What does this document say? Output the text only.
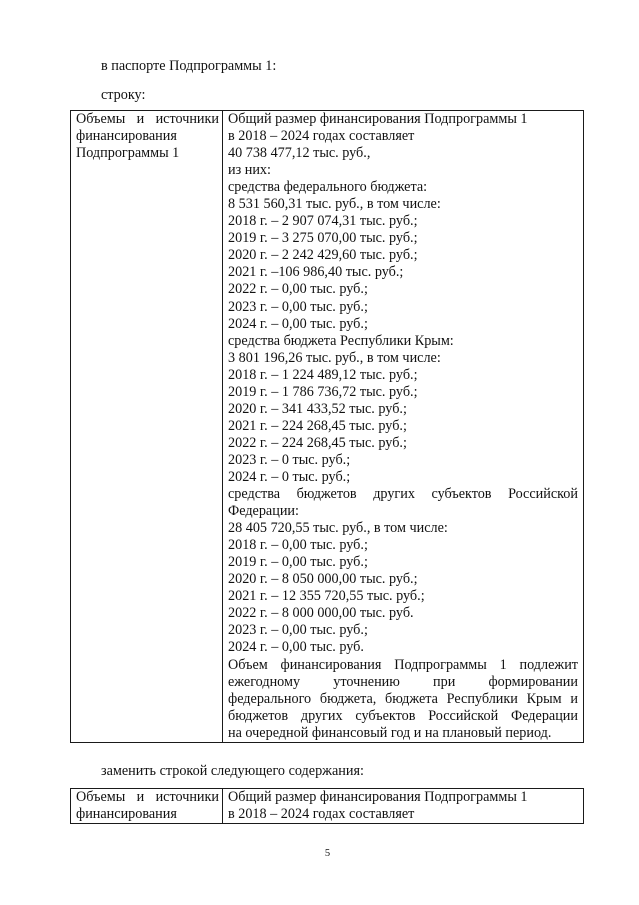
в паспорте Подпрограммы 1:
строку:
Объемы и источники
финансирования
Подпрограммы 1

Общий размер финансирования Подпрограммы 1
в 2018 – 2024 годах составляет
40 738 477,12 тыс. руб.,
из них:
средства федерального бюджета:
8 531 560,31 тыс. руб., в том числе:
2018 г. – 2 907 074,31 тыс. руб.;
2019 г. – 3 275 070,00 тыс. руб.;
2020 г. – 2 242 429,60 тыс. руб.;
2021 г. –106 986,40 тыс. руб.;
2022 г. – 0,00 тыс. руб.;
2023 г. – 0,00 тыс. руб.;
2024 г. – 0,00 тыс. руб.;
средства бюджета Республики Крым:
3 801 196,26 тыс. руб., в том числе:
2018 г. – 1 224 489,12 тыс. руб.;
2019 г. – 1 786 736,72 тыс. руб.;
2020 г. – 341 433,52 тыс. руб.;
2021 г. – 224 268,45 тыс. руб.;
2022 г. – 224 268,45 тыс. руб.;
2023 г. – 0 тыс. руб.;
2024 г. – 0 тыс. руб.;
средства бюджетов других субъектов Российской
Федерации:
28 405 720,55 тыс. руб., в том числе:
2018 г. – 0,00 тыс. руб.;
2019 г. – 0,00 тыс. руб.;
2020 г. – 8 050 000,00 тыс. руб.;
2021 г. – 12 355 720,55 тыс. руб.;
2022 г. – 8 000 000,00 тыс. руб.
2023 г. – 0,00 тыс. руб.;
2024 г. – 0,00 тыс. руб.
Объем финансирования Подпрограммы 1 подлежит
ежегодному уточнению при формировании
федерального бюджета, бюджета Республики Крым и
бюджетов других субъектов Российской Федерации
на очередной финансовый год и на плановый период.
заменить строкой следующего содержания:
Объемы и источники
финансирования

Общий размер финансирования Подпрограммы 1
в 2018 – 2024 годах составляет
5
